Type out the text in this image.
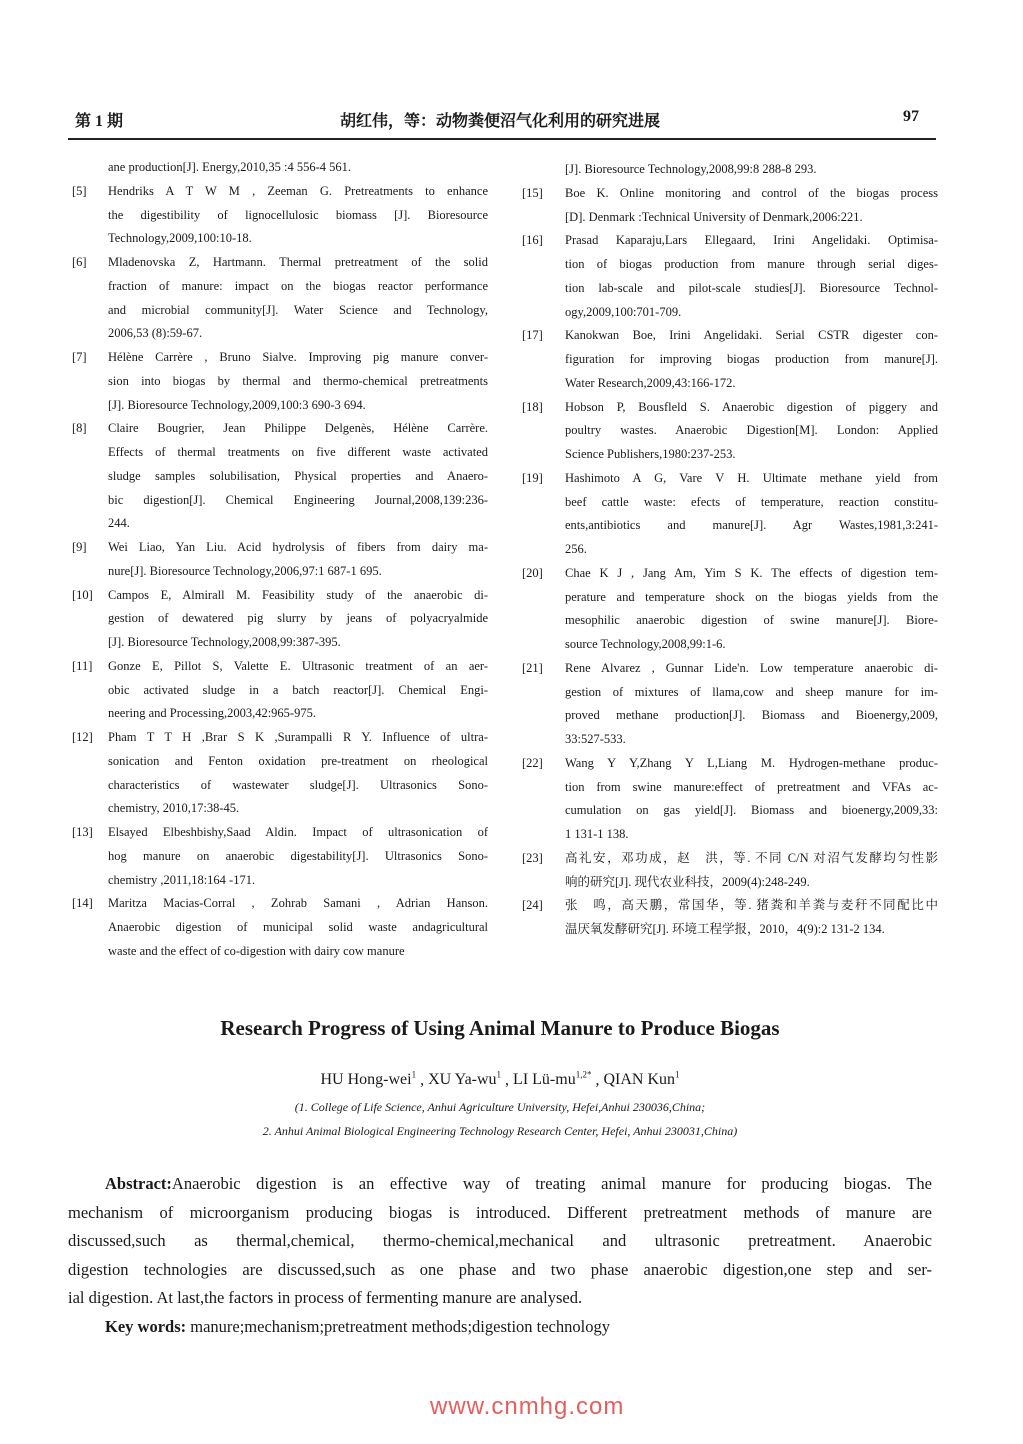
第 1 期	胡红伟，等：动物粪便沼气化利用的研究进展	97
ane production[J]. Energy,2010,35 :4 556-4 561.
[5]	Hendriks A T W M , Zeeman G. Pretreatments to enhance
the digestibility of lignocellulosic biomass [J]. Bioresource
Technology,2009,100:10-18.
[6]	Mladenovska Z, Hartmann. Thermal pretreatment of the solid
fraction of manure: impact on the biogas reactor performance
and microbial community[J]. Water Science and Technology,
2006,53 (8):59-67.
[7]	Hélène Carrère , Bruno Sialve. Improving pig manure conver-
sion into biogas by thermal and thermo-chemical pretreatments
[J]. Bioresource Technology,2009,100:3 690-3 694.
[8]	Claire Bougrier, Jean Philippe Delgenès, Hélène Carrère.
Effects of thermal treatments on five different waste activated
sludge samples solubilisation, Physical properties and Anaero-
bic digestion[J]. Chemical Engineering Journal,2008,139:236-
244.
[9]	Wei Liao, Yan Liu. Acid hydrolysis of fibers from dairy ma-
nure[J]. Bioresource Technology,2006,97:1 687-1 695.
[10]	Campos E, Almirall M. Feasibility study of the anaerobic di-
gestion of dewatered pig slurry by jeans of polyacryalmide
[J]. Bioresource Technology,2008,99:387-395.
[11]	Gonze E, Pillot S, Valette E. Ultrasonic treatment of an aer-
obic activated sludge in a batch reactor[J]. Chemical Engi-
neering and Processing,2003,42:965-975.
[12]	Pham T T H ,Brar S K ,Surampalli R Y. Influence of ultra-
sonication and Fenton oxidation pre-treatment on rheological
characteristics of wastewater sludge[J]. Ultrasonics Sono-
chemistry, 2010,17:38-45.
[13]	Elsayed Elbeshbishy,Saad Aldin. Impact of ultrasonication of
hog manure on anaerobic digestability[J]. Ultrasonics Sono-
chemistry ,2011,18:164 -171.
[14]	Maritza Macias-Corral , Zohrab Samani , Adrian Hanson.
Anaerobic digestion of municipal solid waste andagricultural
waste and the effect of co-digestion with dairy cow manure
[J]. Bioresource Technology,2008,99:8 288-8 293.
[15]	Boe K. Online monitoring and control of the biogas process
[D]. Denmark :Technical University of Denmark,2006:221.
[16]	Prasad Kaparaju,Lars Ellegaard, Irini Angelidaki. Optimisa-
tion of biogas production from manure through serial diges-
tion lab-scale and pilot-scale studies[J]. Bioresource Technol-
ogy,2009,100:701-709.
[17]	Kanokwan Boe, Irini Angelidaki. Serial CSTR digester con-
figuration for improving biogas production from manure[J].
Water Research,2009,43:166-172.
[18]	Hobson P, Bousfleld S. Anaerobic digestion of piggery and
poultry wastes. Anaerobic Digestion[M]. London: Applied
Science Publishers,1980:237-253.
[19]	Hashimoto A G, Vare V H. Ultimate methane yield from
beef cattle waste: efects of temperature, reaction constitu-
ents,antibiotics and manure[J]. Agr Wastes,1981,3:241-
256.
[20]	Chae K J , Jang Am, Yim S K. The effects of digestion tem-
perature and temperature shock on the biogas yields from the
mesophilic anaerobic digestion of swine manure[J]. Biore-
source Technology,2008,99:1-6.
[21]	Rene Alvarez , Gunnar Lide'n. Low temperature anaerobic di-
gestion of mixtures of llama,cow and sheep manure for im-
proved methane production[J]. Biomass and Bioenergy,2009,
33:527-533.
[22]	Wang Y Y,Zhang Y L,Liang M. Hydrogen-methane produc-
tion from swine manure:effect of pretreatment and VFAs ac-
cumulation on gas yield[J]. Biomass and bioenergy,2009,33:
1 131-1 138.
[23]	高礼安，邓功成，赵　洪，等. 不同 C/N 对沼气发酵均匀性影
响的研究[J]. 现代农业科技，2009(4):248-249.
[24]	张　鸣，高天鹏，常国华，等. 猪粪和羊粪与麦秆不同配比中
温厌氧发酵研究[J]. 环境工程学报，2010，4(9):2 131-2 134.
Research Progress of Using Animal Manure to Produce Biogas
HU Hong-wei$^1$ , XU $Ya-wu^1$ , LI $Lü-mu^{1,2*}$ , QIAN Kun$^1$
(1. College of Life Science, Anhui Agriculture University, Hefei,Anhui 230036,China;
2. Anhui Animal Biological Engineering Technology Research Center, Hefei, Anhui 230031,China)
Abstract:Anaerobic digestion is an effective way of treating animal manure for producing biogas. The
mechanism of microorganism producing biogas is introduced. Different pretreatment methods of manure are
discussed,such as thermal,chemical, thermo-chemical,mechanical and ultrasonic pretreatment. Anaerobic
digestion technologies are discussed,such as one phase and two phase anaerobic digestion,one step and ser-
ial digestion. At last,the factors in process of fermenting manure are analysed.
Key words: manure;mechanism;pretreatment methods;digestion technology
www.cnmhg.com
